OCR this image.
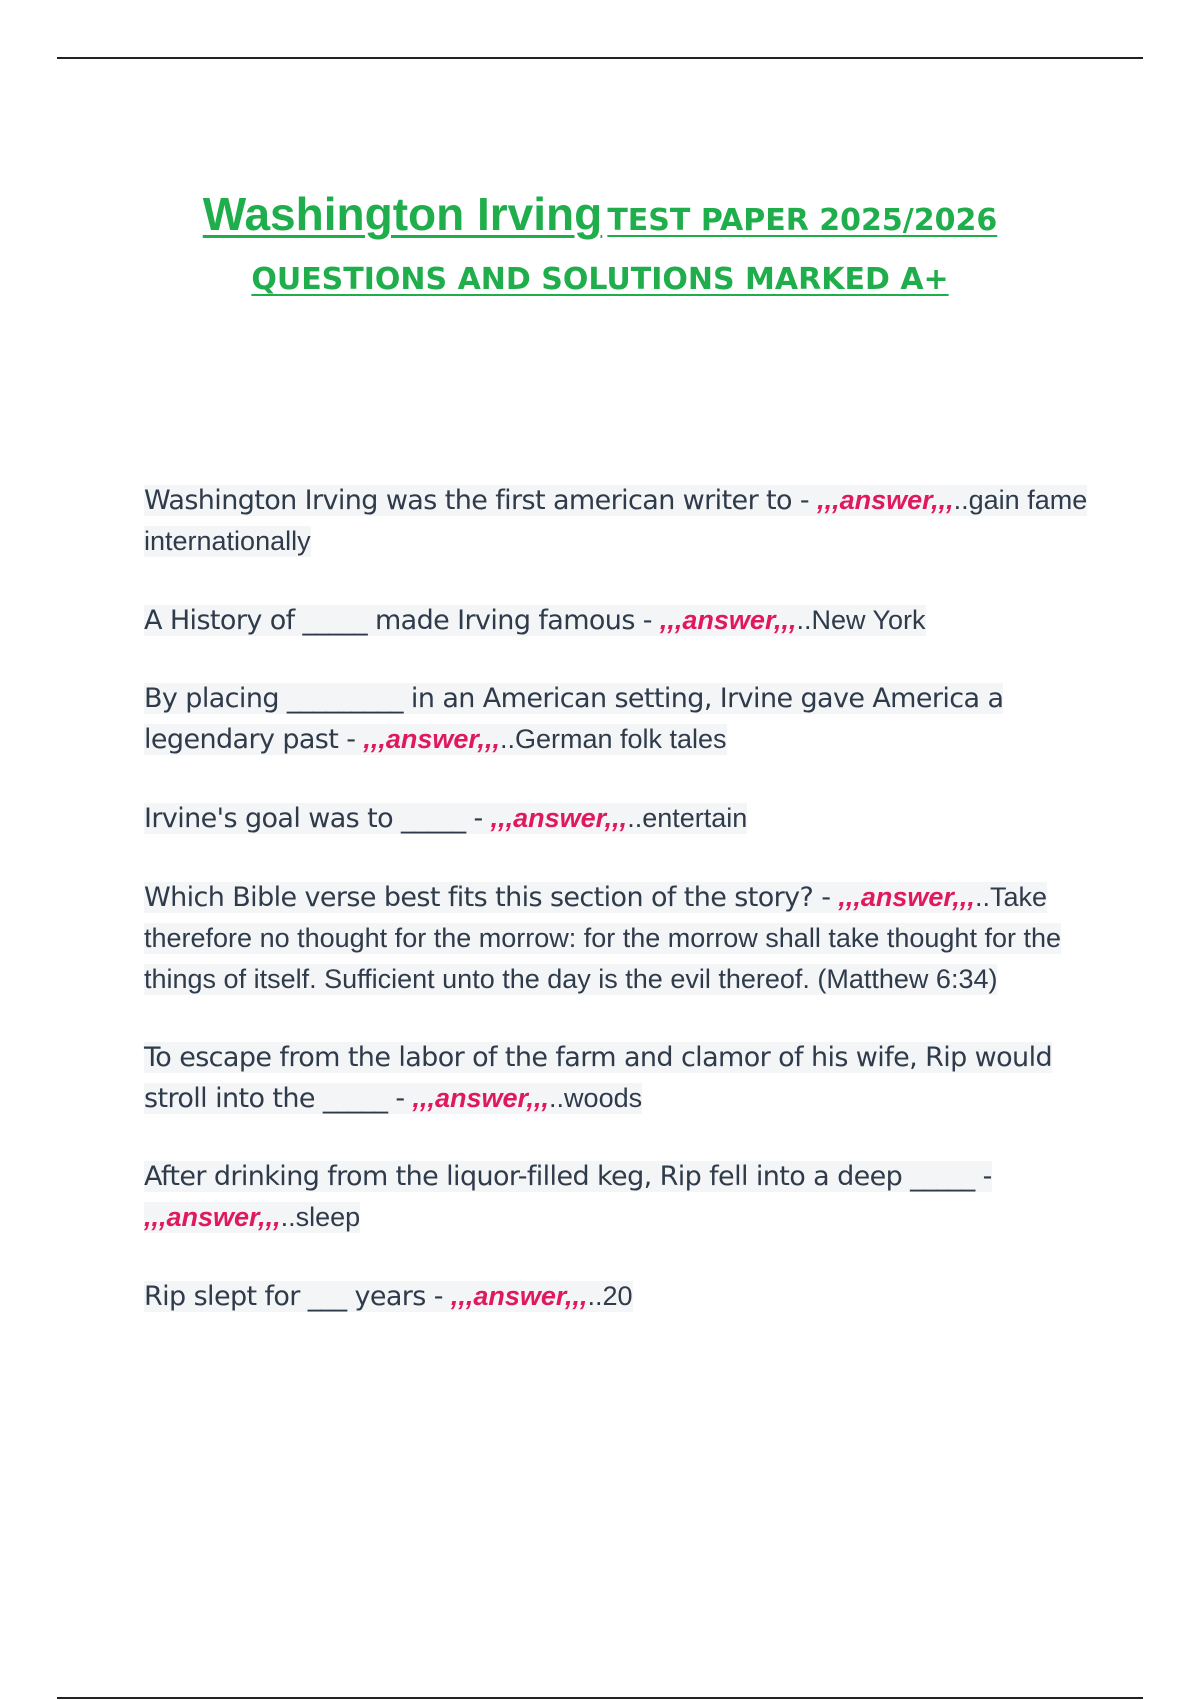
Washington Irving TEST PAPER 2025/2026
QUESTIONS AND SOLUTIONS MARKED A+

Washington Irving was the first american writer to - ,,,answer,,,..gain fame internationally

A History of _____ made Irving famous - ,,,answer,,,..New York

By placing _________ in an American setting, Irvine gave America a legendary past - ,,,answer,,,..German folk tales

Irvine's goal was to _____ - ,,,answer,,,..entertain

Which Bible verse best fits this section of the story? - ,,,answer,,,..Take therefore no thought for the morrow: for the morrow shall take thought for the things of itself. Sufficient unto the day is the evil thereof. (Matthew 6:34)

To escape from the labor of the farm and clamor of his wife, Rip would stroll into the _____ - ,,,answer,,,..woods

After drinking from the liquor-filled keg, Rip fell into a deep _____ - ,,,answer,,,..sleep

Rip slept for ___ years - ,,,answer,,,..20
